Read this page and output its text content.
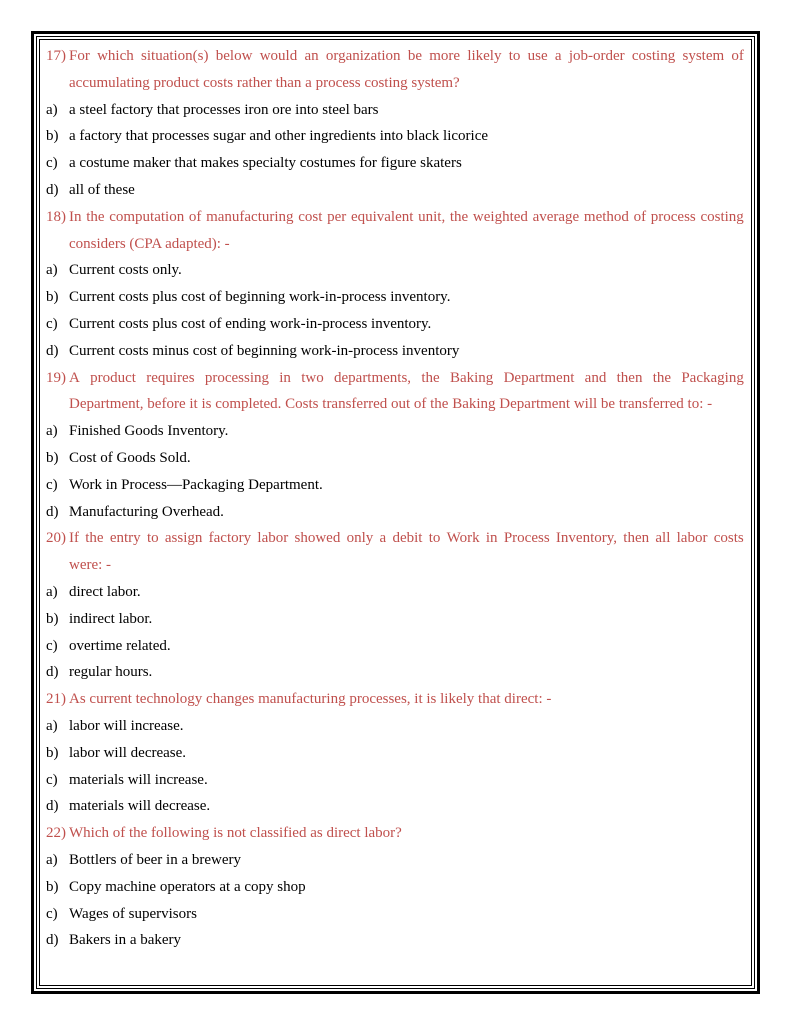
17) For which situation(s) below would an organization be more likely to use a job-order costing system of
accumulating product costs rather than a process costing system?
a) a steel factory that processes iron ore into steel bars
b) a factory that processes sugar and other ingredients into black licorice
c) a costume maker that makes specialty costumes for figure skaters
d) all of these
18) In the computation of manufacturing cost per equivalent unit, the weighted average method of process costing
considers (CPA adapted): -
a) Current costs only.
b) Current costs plus cost of beginning work-in-process inventory.
c) Current costs plus cost of ending work-in-process inventory.
d) Current costs minus cost of beginning work-in-process inventory
19) A product requires processing in two departments, the Baking Department and then the Packaging
Department, before it is completed. Costs transferred out of the Baking Department will be transferred to: -
a) Finished Goods Inventory.
b) Cost of Goods Sold.
c) Work in Process—Packaging Department.
d) Manufacturing Overhead.
20) If the entry to assign factory labor showed only a debit to Work in Process Inventory, then all labor costs
were: -
a) direct labor.
b) indirect labor.
c) overtime related.
d) regular hours.
21) As current technology changes manufacturing processes, it is likely that direct: -
a) labor will increase.
b) labor will decrease.
c) materials will increase.
d) materials will decrease.
22) Which of the following is not classified as direct labor?
a) Bottlers of beer in a brewery
b) Copy machine operators at a copy shop
c) Wages of supervisors
d) Bakers in a bakery
